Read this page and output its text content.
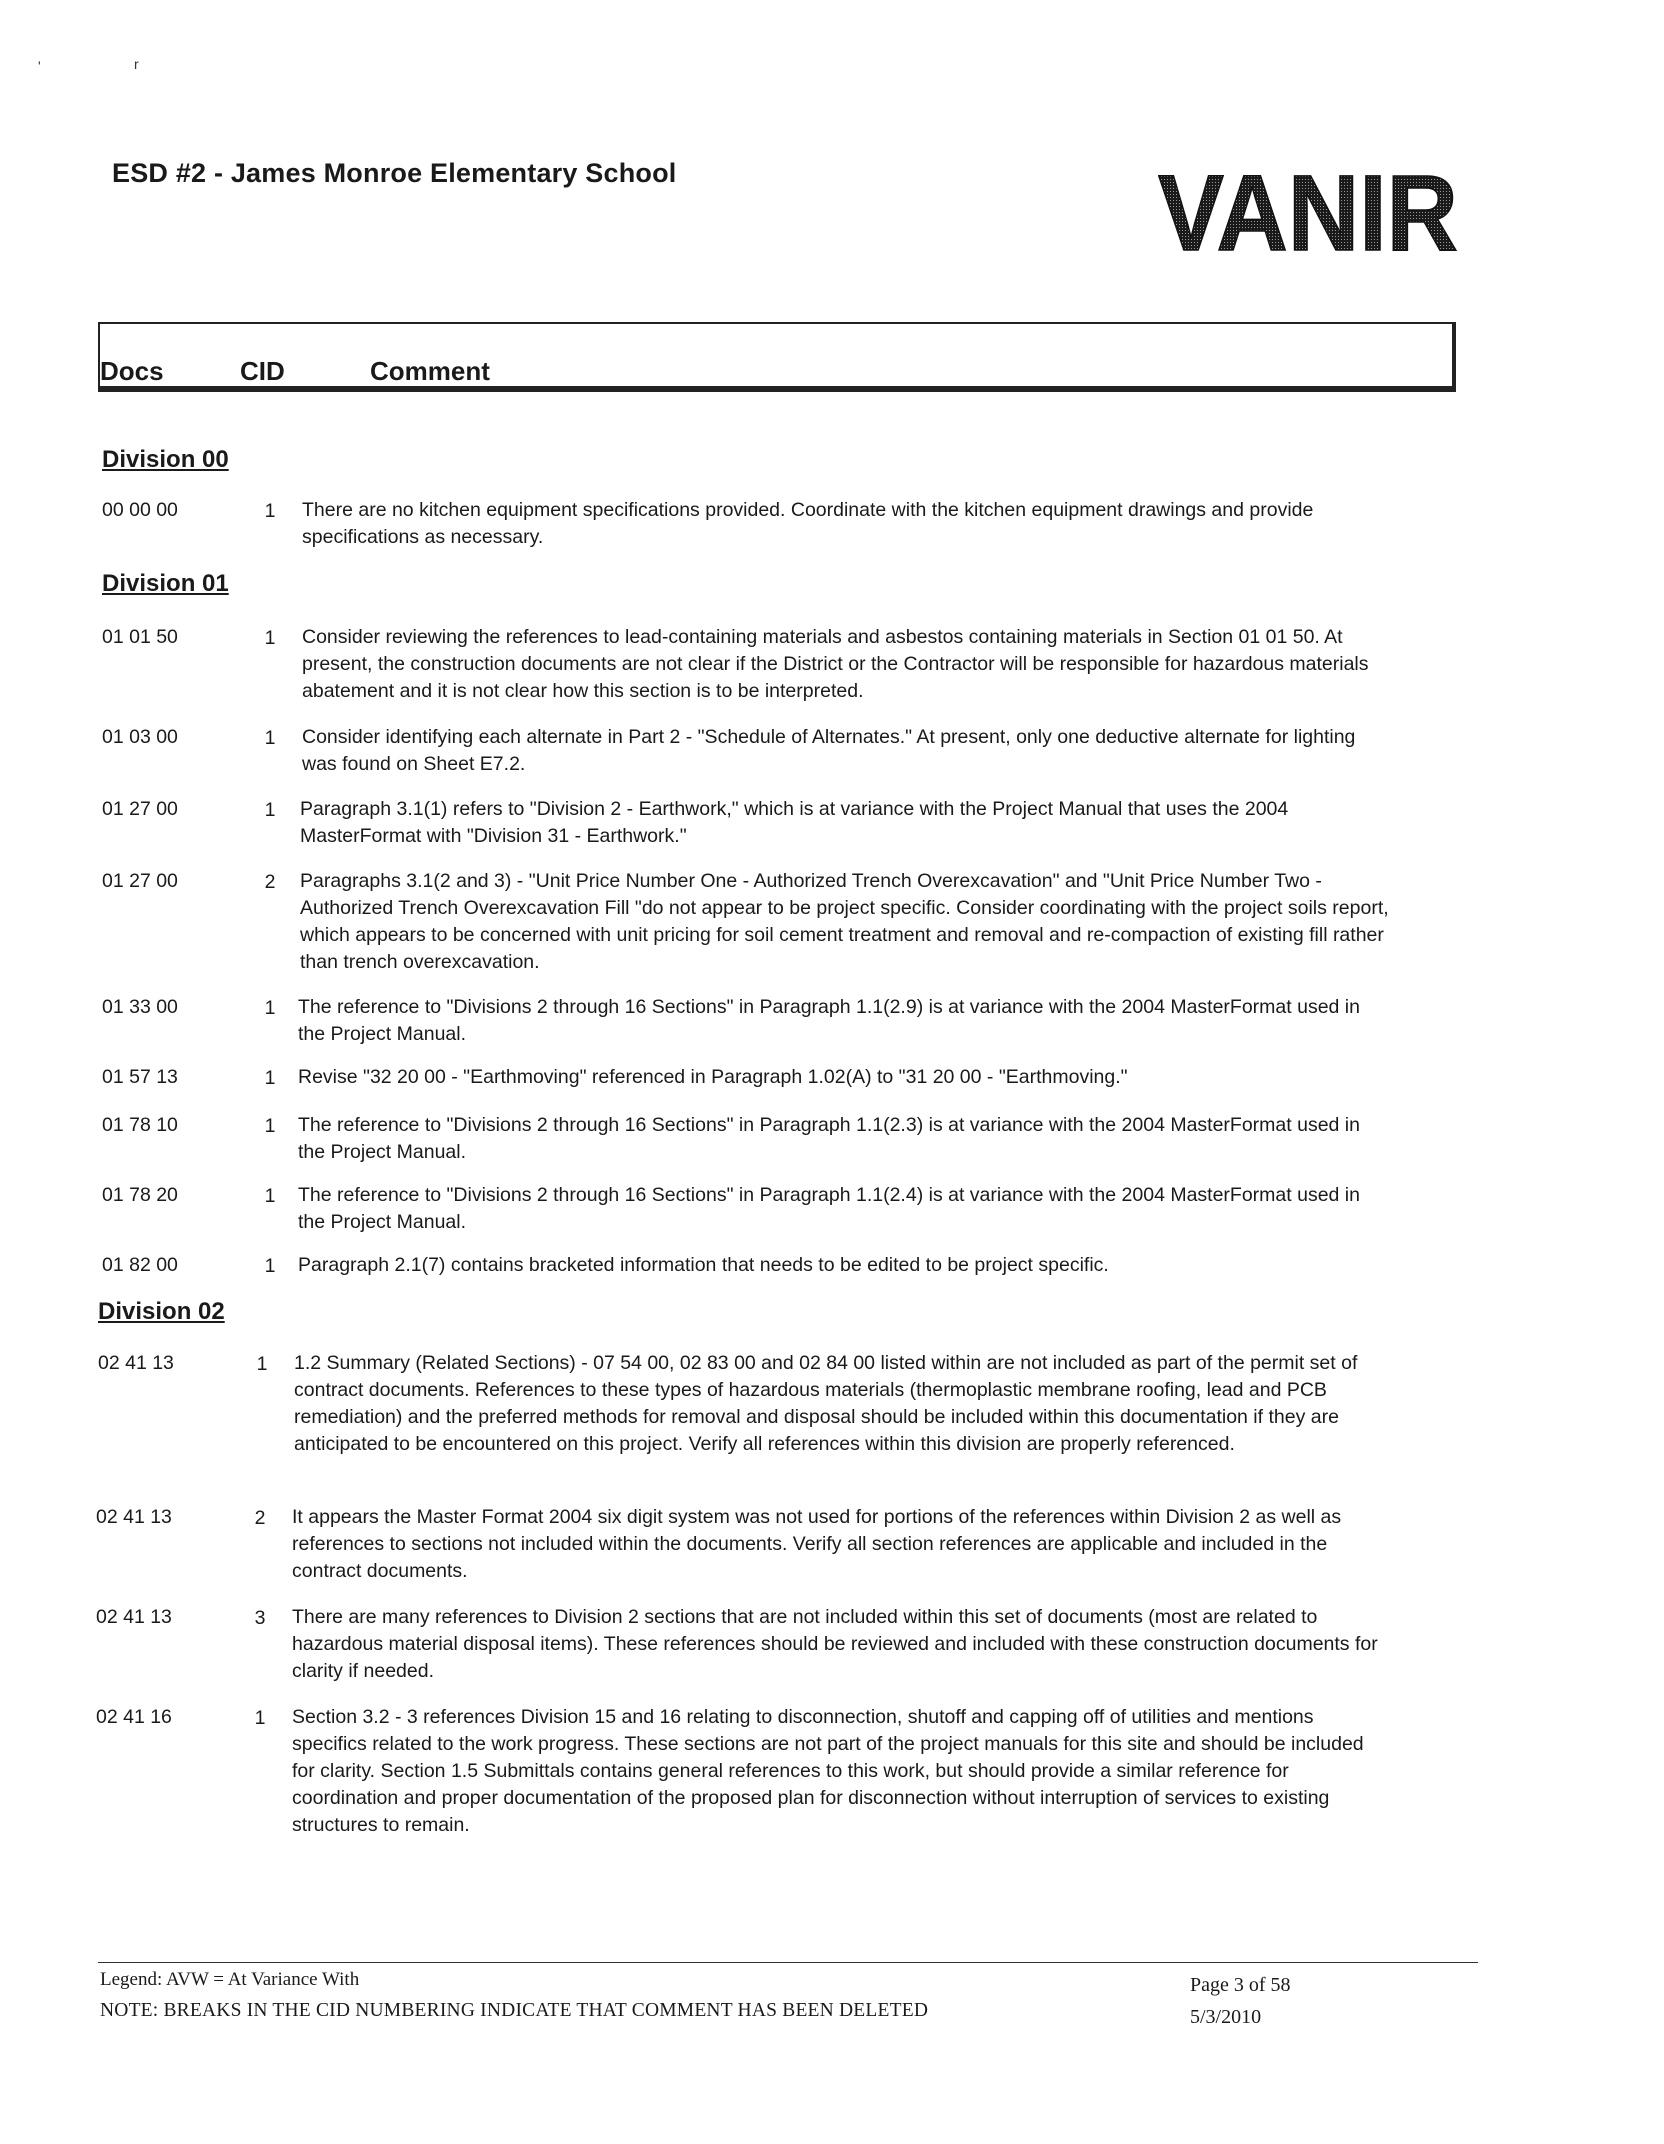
'	r
ESD #2 - James Monroe Elementary School	VANIR
Docs	CID	Comment
Division 00
00 00 00	1 There are no kitchen equipment specifications provided. Coordinate with the kitchen equipment drawings and provide specifications as necessary.
Division 01
01 01 50	1 Consider reviewing the references to lead-containing materials and asbestos containing materials in Section 01 01 50. At present, the construction documents are not clear if the District or the Contractor will be responsible for hazardous materials abatement and it is not clear how this section is to be interpreted.
01 03 00	1 Consider identifying each alternate in Part 2 - "Schedule of Alternates." At present, only one deductive alternate for lighting was found on Sheet E7.2.
01 27 00	1 Paragraph 3.1(1) refers to "Division 2 - Earthwork," which is at variance with the Project Manual that uses the 2004 MasterFormat with "Division 31 - Earthwork."
01 27 00	2 Paragraphs 3.1(2 and 3) - "Unit Price Number One - Authorized Trench Overexcavation" and "Unit Price Number Two - Authorized Trench Overexcavation Fill "do not appear to be project specific. Consider coordinating with the project soils report, which appears to be concerned with unit pricing for soil cement treatment and removal and re-compaction of existing fill rather than trench overexcavation.
01 33 00	1 The reference to "Divisions 2 through 16 Sections" in Paragraph 1.1(2.9) is at variance with the 2004 MasterFormat used in the Project Manual.
01 57 13	1 Revise "32 20 00 - "Earthmoving" referenced in Paragraph 1.02(A) to "31 20 00 - "Earthmoving."
01 78 10	1 The reference to "Divisions 2 through 16 Sections" in Paragraph 1.1(2.3) is at variance with the 2004 MasterFormat used in the Project Manual.
01 78 20	1 The reference to "Divisions 2 through 16 Sections" in Paragraph 1.1(2.4) is at variance with the 2004 MasterFormat used in the Project Manual.
01 82 00	1 Paragraph 2.1(7) contains bracketed information that needs to be edited to be project specific.
Division 02
02 41 13	1 1.2 Summary (Related Sections) - 07 54 00, 02 83 00 and 02 84 00 listed within are not included as part of the permit set of contract documents. References to these types of hazardous materials (thermoplastic membrane roofing, lead and PCB remediation) and the preferred methods for removal and disposal should be included within this documentation if they are anticipated to be encountered on this project. Verify all references within this division are properly referenced.
02 41 13	2 It appears the Master Format 2004 six digit system was not used for portions of the references within Division 2 as well as references to sections not included within the documents. Verify all section references are applicable and included in the contract documents.
02 41 13	3 There are many references to Division 2 sections that are not included within this set of documents (most are related to hazardous material disposal items). These references should be reviewed and included with these construction documents for clarity if needed.
02 41 16	1 Section 3.2 - 3 references Division 15 and 16 relating to disconnection, shutoff and capping off of utilities and mentions specifics related to the work progress. These sections are not part of the project manuals for this site and should be included for clarity. Section 1.5 Submittals contains general references to this work, but should provide a similar reference for coordination and proper documentation of the proposed plan for disconnection without interruption of services to existing structures to remain.
Legend: AVW = At Variance With
NOTE: BREAKS IN THE CID NUMBERING INDICATE THAT COMMENT HAS BEEN DELETED
Page 3 of 58
5/3/2010
